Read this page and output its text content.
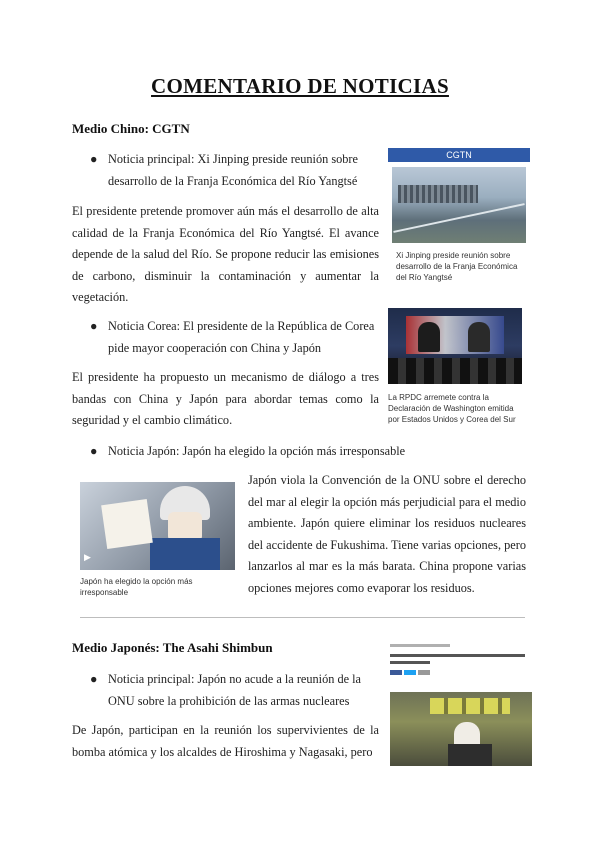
COMENTARIO DE NOTICIAS
Medio Chino: CGTN
● Noticia principal: Xi Jinping preside reunión sobre desarrollo de la Franja Económica del Río Yangtsé
El presidente pretende promover aún más el desarrollo de alta calidad de la Franja Económica del Río Yangtsé. El avance depende de la salud del Río. Se propone reducir las emisiones de carbono, disminuir la contaminación y aumentar la vegetación.
CGTN
Xi Jinping preside reunión sobre desarrollo de la Franja Económica del Río Yangtsé
● Noticia Corea: El presidente de la República de Corea pide mayor cooperación con China y Japón
La RPDC arremete contra la Declaración de Washington emitida por Estados Unidos y Corea del Sur
El presidente ha propuesto un mecanismo de diálogo a tres bandas con China y Japón para abordar temas como la seguridad y el cambio climático.
● Noticia Japón: Japón ha elegido la opción más irresponsable
▶
Japón ha elegido la opción más irresponsable
Japón viola la Convención de la ONU sobre el derecho del mar al elegir la opción más perjudicial para el medio ambiente. Japón quiere eliminar los residuos nucleares del accidente de Fukushima. Tiene varias opciones, pero lanzarlos al mar es la más barata. China propone varias opciones mejores como evaporar los residuos.
Medio Japonés: The Asahi Shimbun
● Noticia principal: Japón no acude a la reunión de la ONU sobre la prohibición de las armas nucleares
De Japón, participan en la reunión los supervivientes de la bomba atómica y los alcaldes de Hiroshima y Nagasaki, pero
